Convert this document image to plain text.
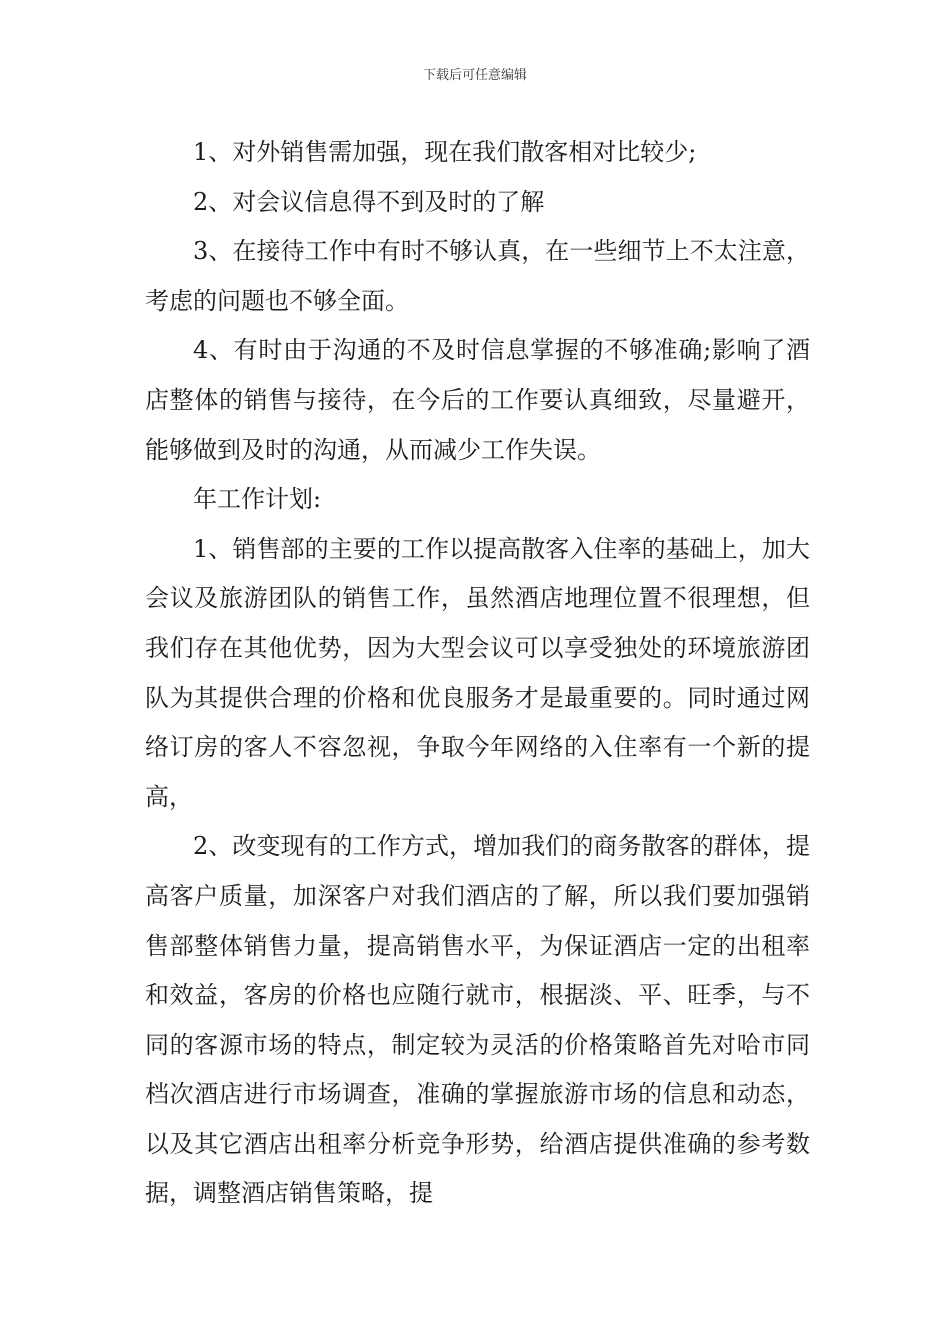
下载后可任意编辑

1、对外销售需加强，现在我们散客相对比较少;

2、对会议信息得不到及时的了解

3、在接待工作中有时不够认真，在一些细节上不太注意，考虑的问题也不够全面。

4、有时由于沟通的不及时信息掌握的不够准确;影响了酒店整体的销售与接待，在今后的工作要认真细致，尽量避开，能够做到及时的沟通，从而减少工作失误。

年工作计划:

1、销售部的主要的工作以提高散客入住率的基础上，加大会议及旅游团队的销售工作，虽然酒店地理位置不很理想，但我们存在其他优势，因为大型会议可以享受独处的环境旅游团队为其提供合理的价格和优良服务才是最重要的。同时通过网络订房的客人不容忽视，争取今年网络的入住率有一个新的提高，

2、改变现有的工作方式，增加我们的商务散客的群体，提高客户质量，加深客户对我们酒店的了解，所以我们要加强销售部整体销售力量，提高销售水平，为保证酒店一定的出租率和效益，客房的价格也应随行就市，根据淡、平、旺季，与不同的客源市场的特点，制定较为灵活的价格策略首先对哈市同档次酒店进行市场调查，准确的掌握旅游市场的信息和动态，以及其它酒店出租率分析竞争形势，给酒店提供准确的参考数据，调整酒店销售策略，提
